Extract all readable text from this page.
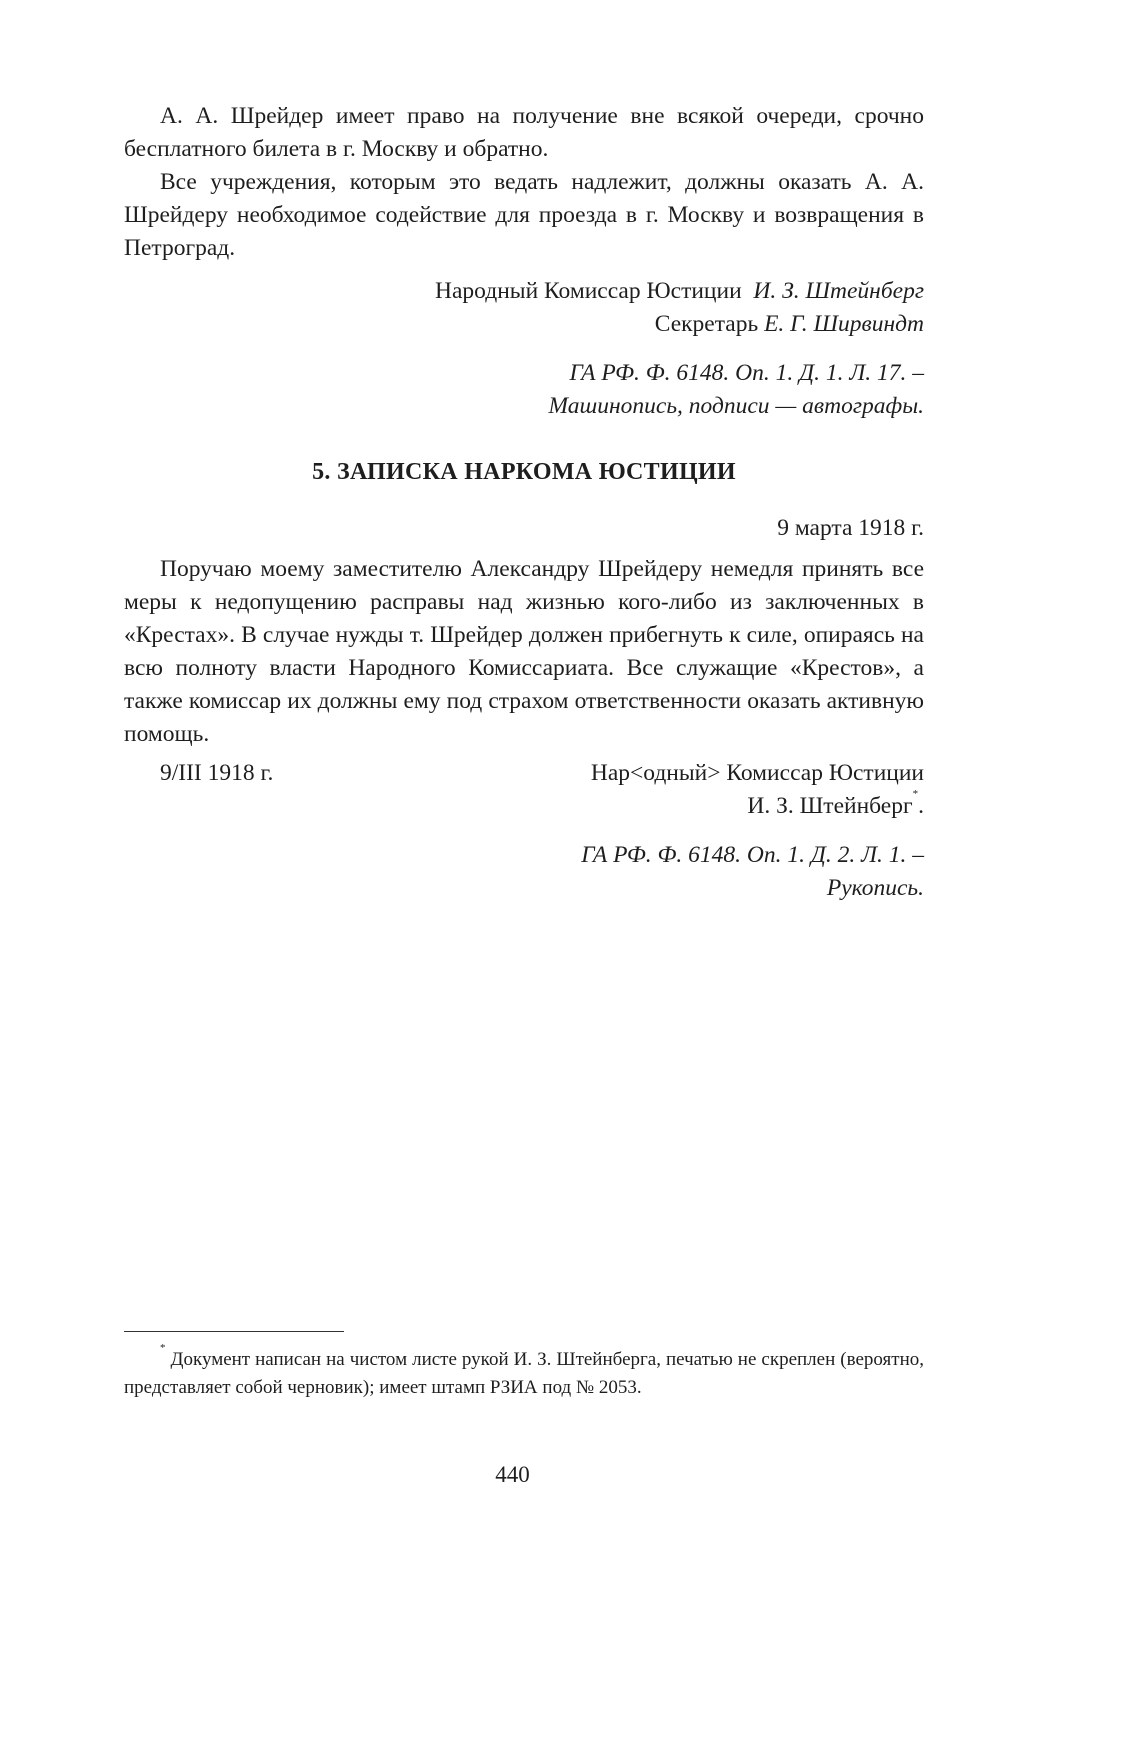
А. А. Шрейдер имеет право на получение вне всякой очереди, срочно бесплатного билета в г. Москву и обратно.

Все учреждения, которым это ведать надлежит, должны оказать А. А. Шрейдеру необходимое содействие для проезда в г. Москву и возвращения в Петроград.

Народный Комиссар Юстиции И. З. Штейнберг
Секретарь Е. Г. Ширвиндт
ГА РФ. Ф. 6148. Оп. 1. Д. 1. Л. 17. –
Машинопись, подписи — автографы.
5. ЗАПИСКА НАРКОМА ЮСТИЦИИ
9 марта 1918 г.

Поручаю моему заместителю Александру Шрейдеру немедля принять все меры к недопущению расправы над жизнью кого-либо из заключенных в «Крестах». В случае нужды т. Шрейдер должен прибегнуть к силе, опираясь на всю полноту власти Народного Комиссариата. Все служащие «Крестов», а также комиссар их должны ему под страхом ответственности оказать активную помощь.

9/III 1918 г.	Нар<одный> Комиссар Юстиции
И. З. Штейнберг*.
ГА РФ. Ф. 6148. Оп. 1. Д. 2. Л. 1. –
Рукопись.

* Документ написан на чистом листе рукой И. З. Штейнберга, печатью не скреплен (вероятно, представляет собой черновик); имеет штамп РЗИА под № 2053.

440
